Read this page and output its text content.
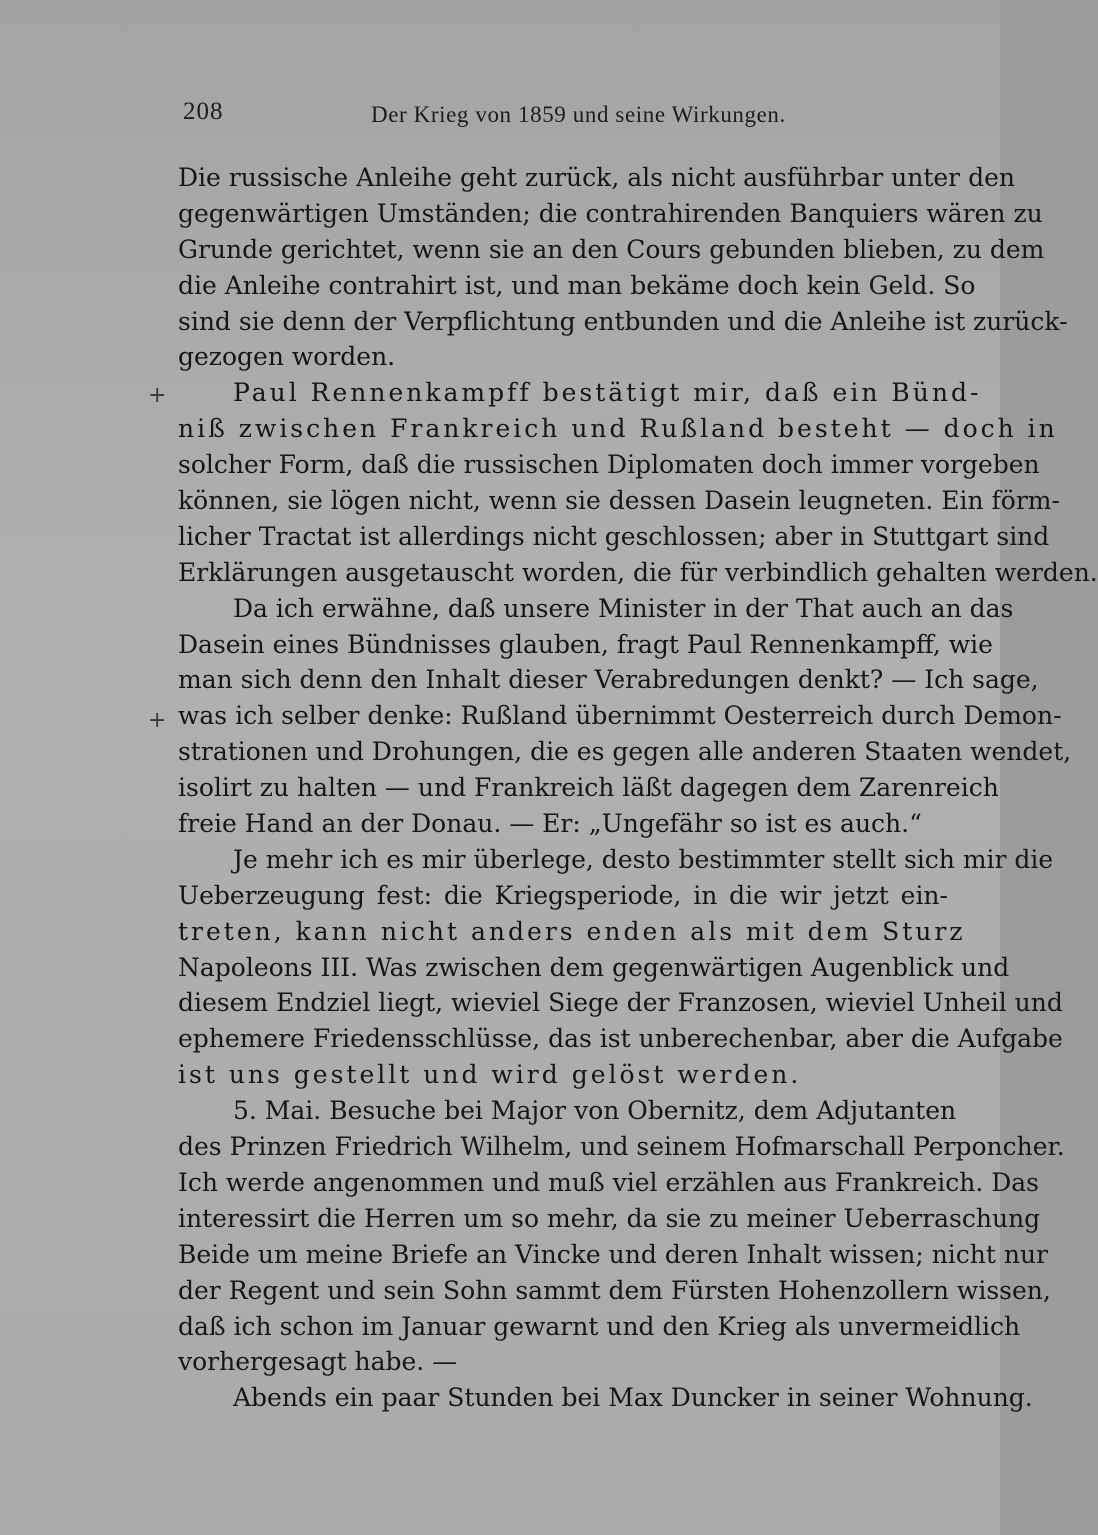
208	Der Krieg von 1859 und seine Wirkungen.
+
+
Die russische Anleihe geht zurück, als nicht ausführbar unter den
gegenwärtigen Umständen; die contrahirenden Banquiers wären zu
Grunde gerichtet, wenn sie an den Cours gebunden blieben, zu dem
die Anleihe contrahirt ist, und man bekäme doch kein Geld. So
sind sie denn der Verpflichtung entbunden und die Anleihe ist zurück-
gezogen worden.
Paul Rennenkampff bestätigt mir, daß ein Bünd-
niß zwischen Frankreich und Rußland besteht — doch in
solcher Form, daß die russischen Diplomaten doch immer vorgeben
können, sie lögen nicht, wenn sie dessen Dasein leugneten. Ein förm-
licher Tractat ist allerdings nicht geschlossen; aber in Stuttgart sind
Erklärungen ausgetauscht worden, die für verbindlich gehalten werden.
Da ich erwähne, daß unsere Minister in der That auch an das
Dasein eines Bündnisses glauben, fragt Paul Rennenkampff, wie
man sich denn den Inhalt dieser Verabredungen denkt? — Ich sage,
was ich selber denke: Rußland übernimmt Oesterreich durch Demon-
strationen und Drohungen, die es gegen alle anderen Staaten wendet,
isolirt zu halten — und Frankreich läßt dagegen dem Zarenreich
freie Hand an der Donau. — Er: „Ungefähr so ist es auch.“
Je mehr ich es mir überlege, desto bestimmter stellt sich mir die
Ueberzeugung fest: die Kriegsperiode, in die wir jetzt ein-
treten, kann nicht anders enden als mit dem Sturz
Napoleons III. Was zwischen dem gegenwärtigen Augenblick und
diesem Endziel liegt, wieviel Siege der Franzosen, wieviel Unheil und
ephemere Friedensschlüsse, das ist unberechenbar, aber die Aufgabe
ist uns gestellt und wird gelöst werden.
5. Mai. Besuche bei Major von Obernitz, dem Adjutanten
des Prinzen Friedrich Wilhelm, und seinem Hofmarschall Perponcher.
Ich werde angenommen und muß viel erzählen aus Frankreich. Das
interessirt die Herren um so mehr, da sie zu meiner Ueberraschung
Beide um meine Briefe an Vincke und deren Inhalt wissen; nicht nur
der Regent und sein Sohn sammt dem Fürsten Hohenzollern wissen,
daß ich schon im Januar gewarnt und den Krieg als unvermeidlich
vorhergesagt habe. —
Abends ein paar Stunden bei Max Duncker in seiner Wohnung.
